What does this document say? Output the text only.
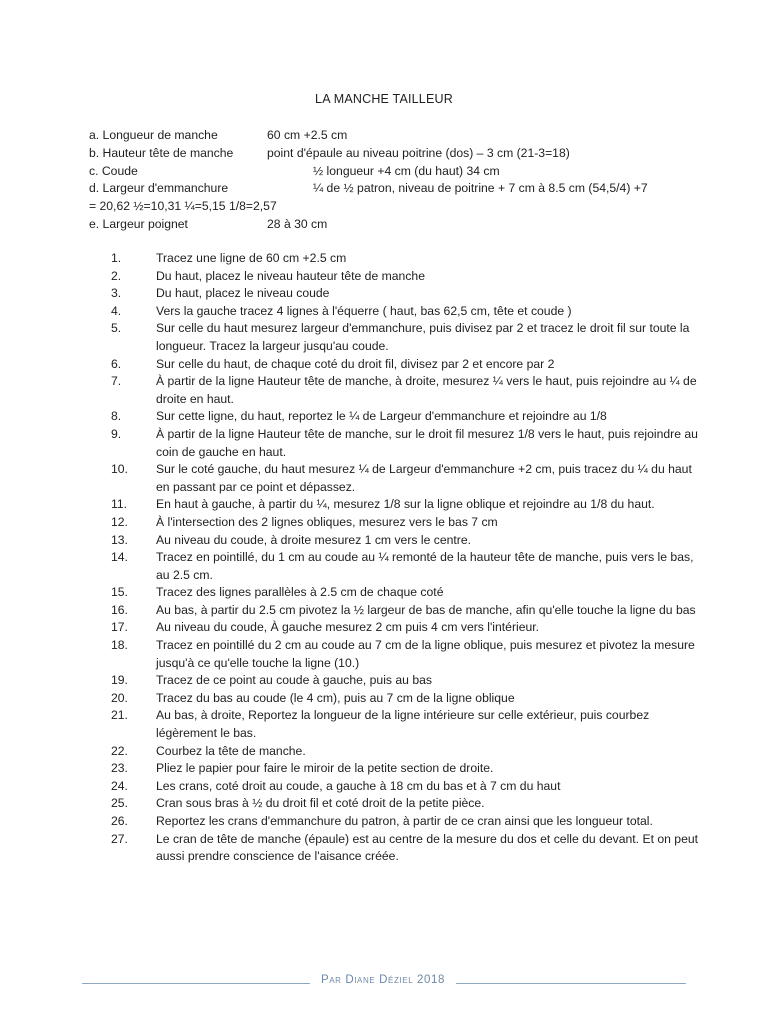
LA MANCHE TAILLEUR
a. Longueur de manche	60 cm +2.5 cm
b. Hauteur tête de manche	point d'épaule au niveau poitrine (dos) – 3 cm (21-3=18)
c. Coude	½ longueur +4 cm (du haut) 34 cm
d. Largeur d'emmanchure	¼ de ½ patron, niveau de poitrine + 7 cm à 8.5 cm (54,5/4) +7
= 20,62 ½=10,31 ¼=5,15 1/8=2,57
e. Largeur poignet	28 à 30 cm
1.	Tracez une ligne de 60 cm +2.5 cm
2.	Du haut, placez le niveau hauteur tête de manche
3.	Du haut, placez le niveau coude
4.	Vers la gauche tracez 4 lignes à l'équerre ( haut, bas 62,5 cm, tête et coude )
5.	Sur celle du haut mesurez largeur d'emmanchure, puis divisez par 2 et tracez le droit fil sur toute la longueur. Tracez la largeur jusqu'au coude.
6.	Sur celle du haut, de chaque coté du droit fil, divisez par 2 et encore par 2
7.	À partir de la ligne Hauteur tête de manche, à droite, mesurez ¼ vers le haut, puis rejoindre au ¼ de droite en haut.
8.	Sur cette ligne, du haut, reportez le ¼ de Largeur d'emmanchure et rejoindre au 1/8
9.	À partir de la ligne Hauteur tête de manche, sur le droit fil mesurez 1/8 vers le haut, puis rejoindre au coin de gauche en haut.
10.	Sur le coté gauche, du haut mesurez ¼ de Largeur d'emmanchure +2 cm, puis tracez du ¼ du haut en passant par ce point et dépassez.
11.	En haut à gauche, à partir du ¼, mesurez 1/8 sur la ligne oblique et rejoindre au 1/8 du haut.
12.	À l'intersection des 2 lignes obliques, mesurez vers le bas 7 cm
13.	Au niveau du coude, à droite mesurez 1 cm vers le centre.
14.	Tracez en pointillé, du 1 cm au coude au ¼ remonté de la hauteur tête de manche, puis vers le bas, au 2.5 cm.
15.	Tracez des lignes parallèles à 2.5 cm de chaque coté
16.	Au bas, à partir du 2.5 cm pivotez la ½ largeur de bas de manche, afin qu'elle touche la ligne du bas
17.	Au niveau du coude, À gauche mesurez 2 cm puis 4 cm vers l'intérieur.
18.	Tracez en pointillé du 2 cm au coude au 7 cm de la ligne oblique, puis mesurez et pivotez la mesure jusqu'à ce qu'elle touche la ligne (10.)
19.	Tracez de ce point au coude à gauche, puis au bas
20.	Tracez du bas au coude (le 4 cm), puis au 7 cm de la ligne oblique
21.	Au bas, à droite, Reportez la longueur de la ligne intérieure sur celle extérieur, puis courbez légèrement le bas.
22.	Courbez la tête de manche.
23.	Pliez le papier pour faire le miroir de la petite section de droite.
24.	Les crans, coté droit au coude, a gauche à 18 cm du bas et à 7 cm du haut
25.	Cran sous bras à ½ du droit fil et coté droit de la petite pièce.
26.	Reportez les crans d'emmanchure du patron, à partir de ce cran ainsi que les longueur total.
27.	Le cran de tête de manche (épaule) est au centre de la mesure du dos et celle du devant. Et on peut aussi prendre conscience de l'aisance créée.
Par Diane Déziel 2018
